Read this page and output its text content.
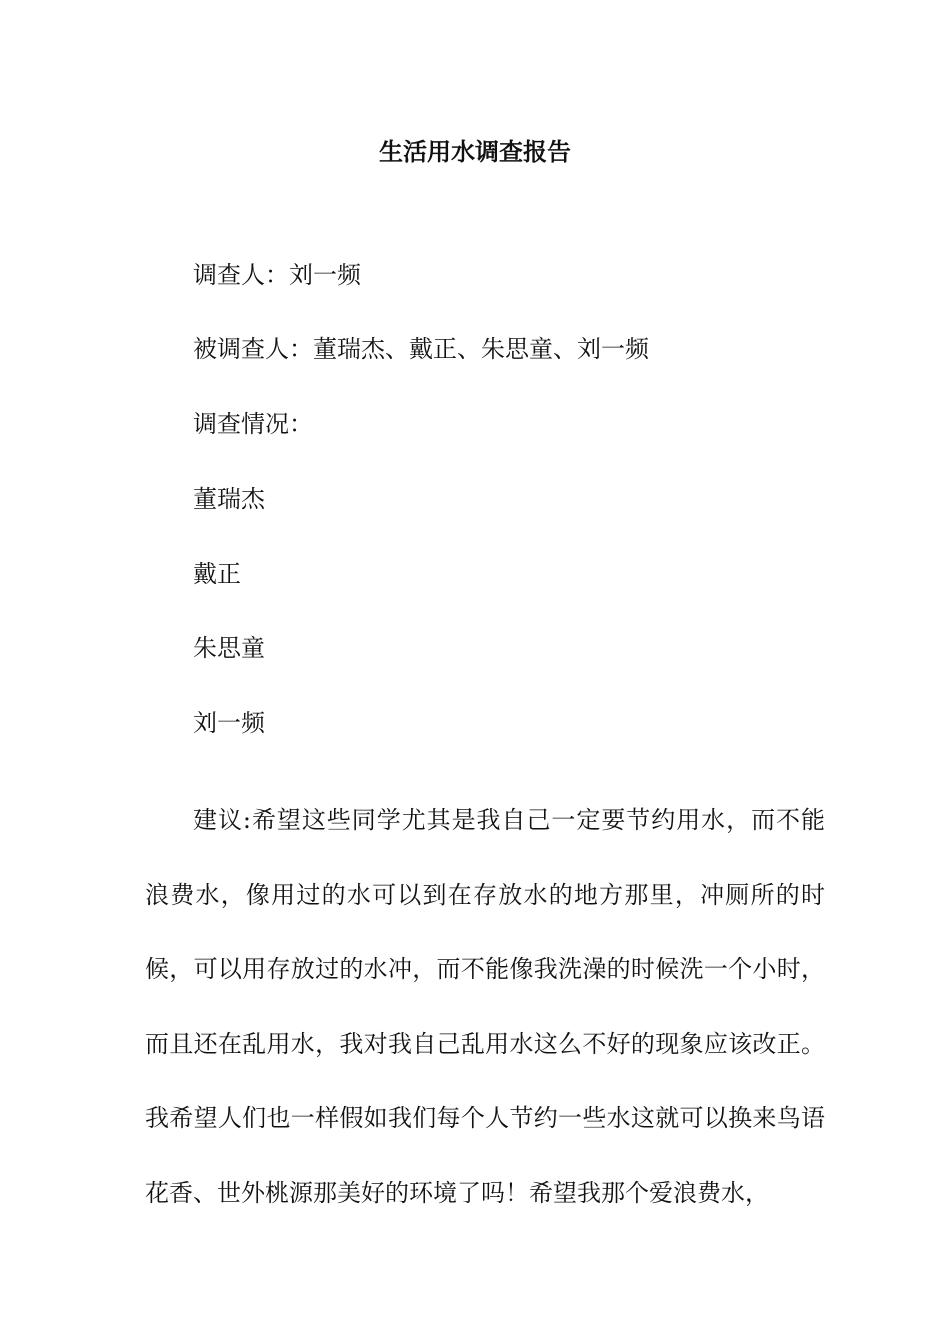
生活用水调查报告

调查人：刘一频

被调查人：董瑞杰、戴正、朱思童、刘一频

调查情况：

董瑞杰

戴正

朱思童

刘一频

建议:希望这些同学尤其是我自己一定要节约用水，而不能浪费水，像用过的水可以到在存放水的地方那里，冲厕所的时候，可以用存放过的水冲，而不能像我洗澡的时候洗一个小时，而且还在乱用水，我对我自己乱用水这么不好的现象应该改正。我希望人们也一样假如我们每个人节约一些水这就可以换来鸟语花香、世外桃源那美好的环境了吗！希望我那个爱浪费水，
